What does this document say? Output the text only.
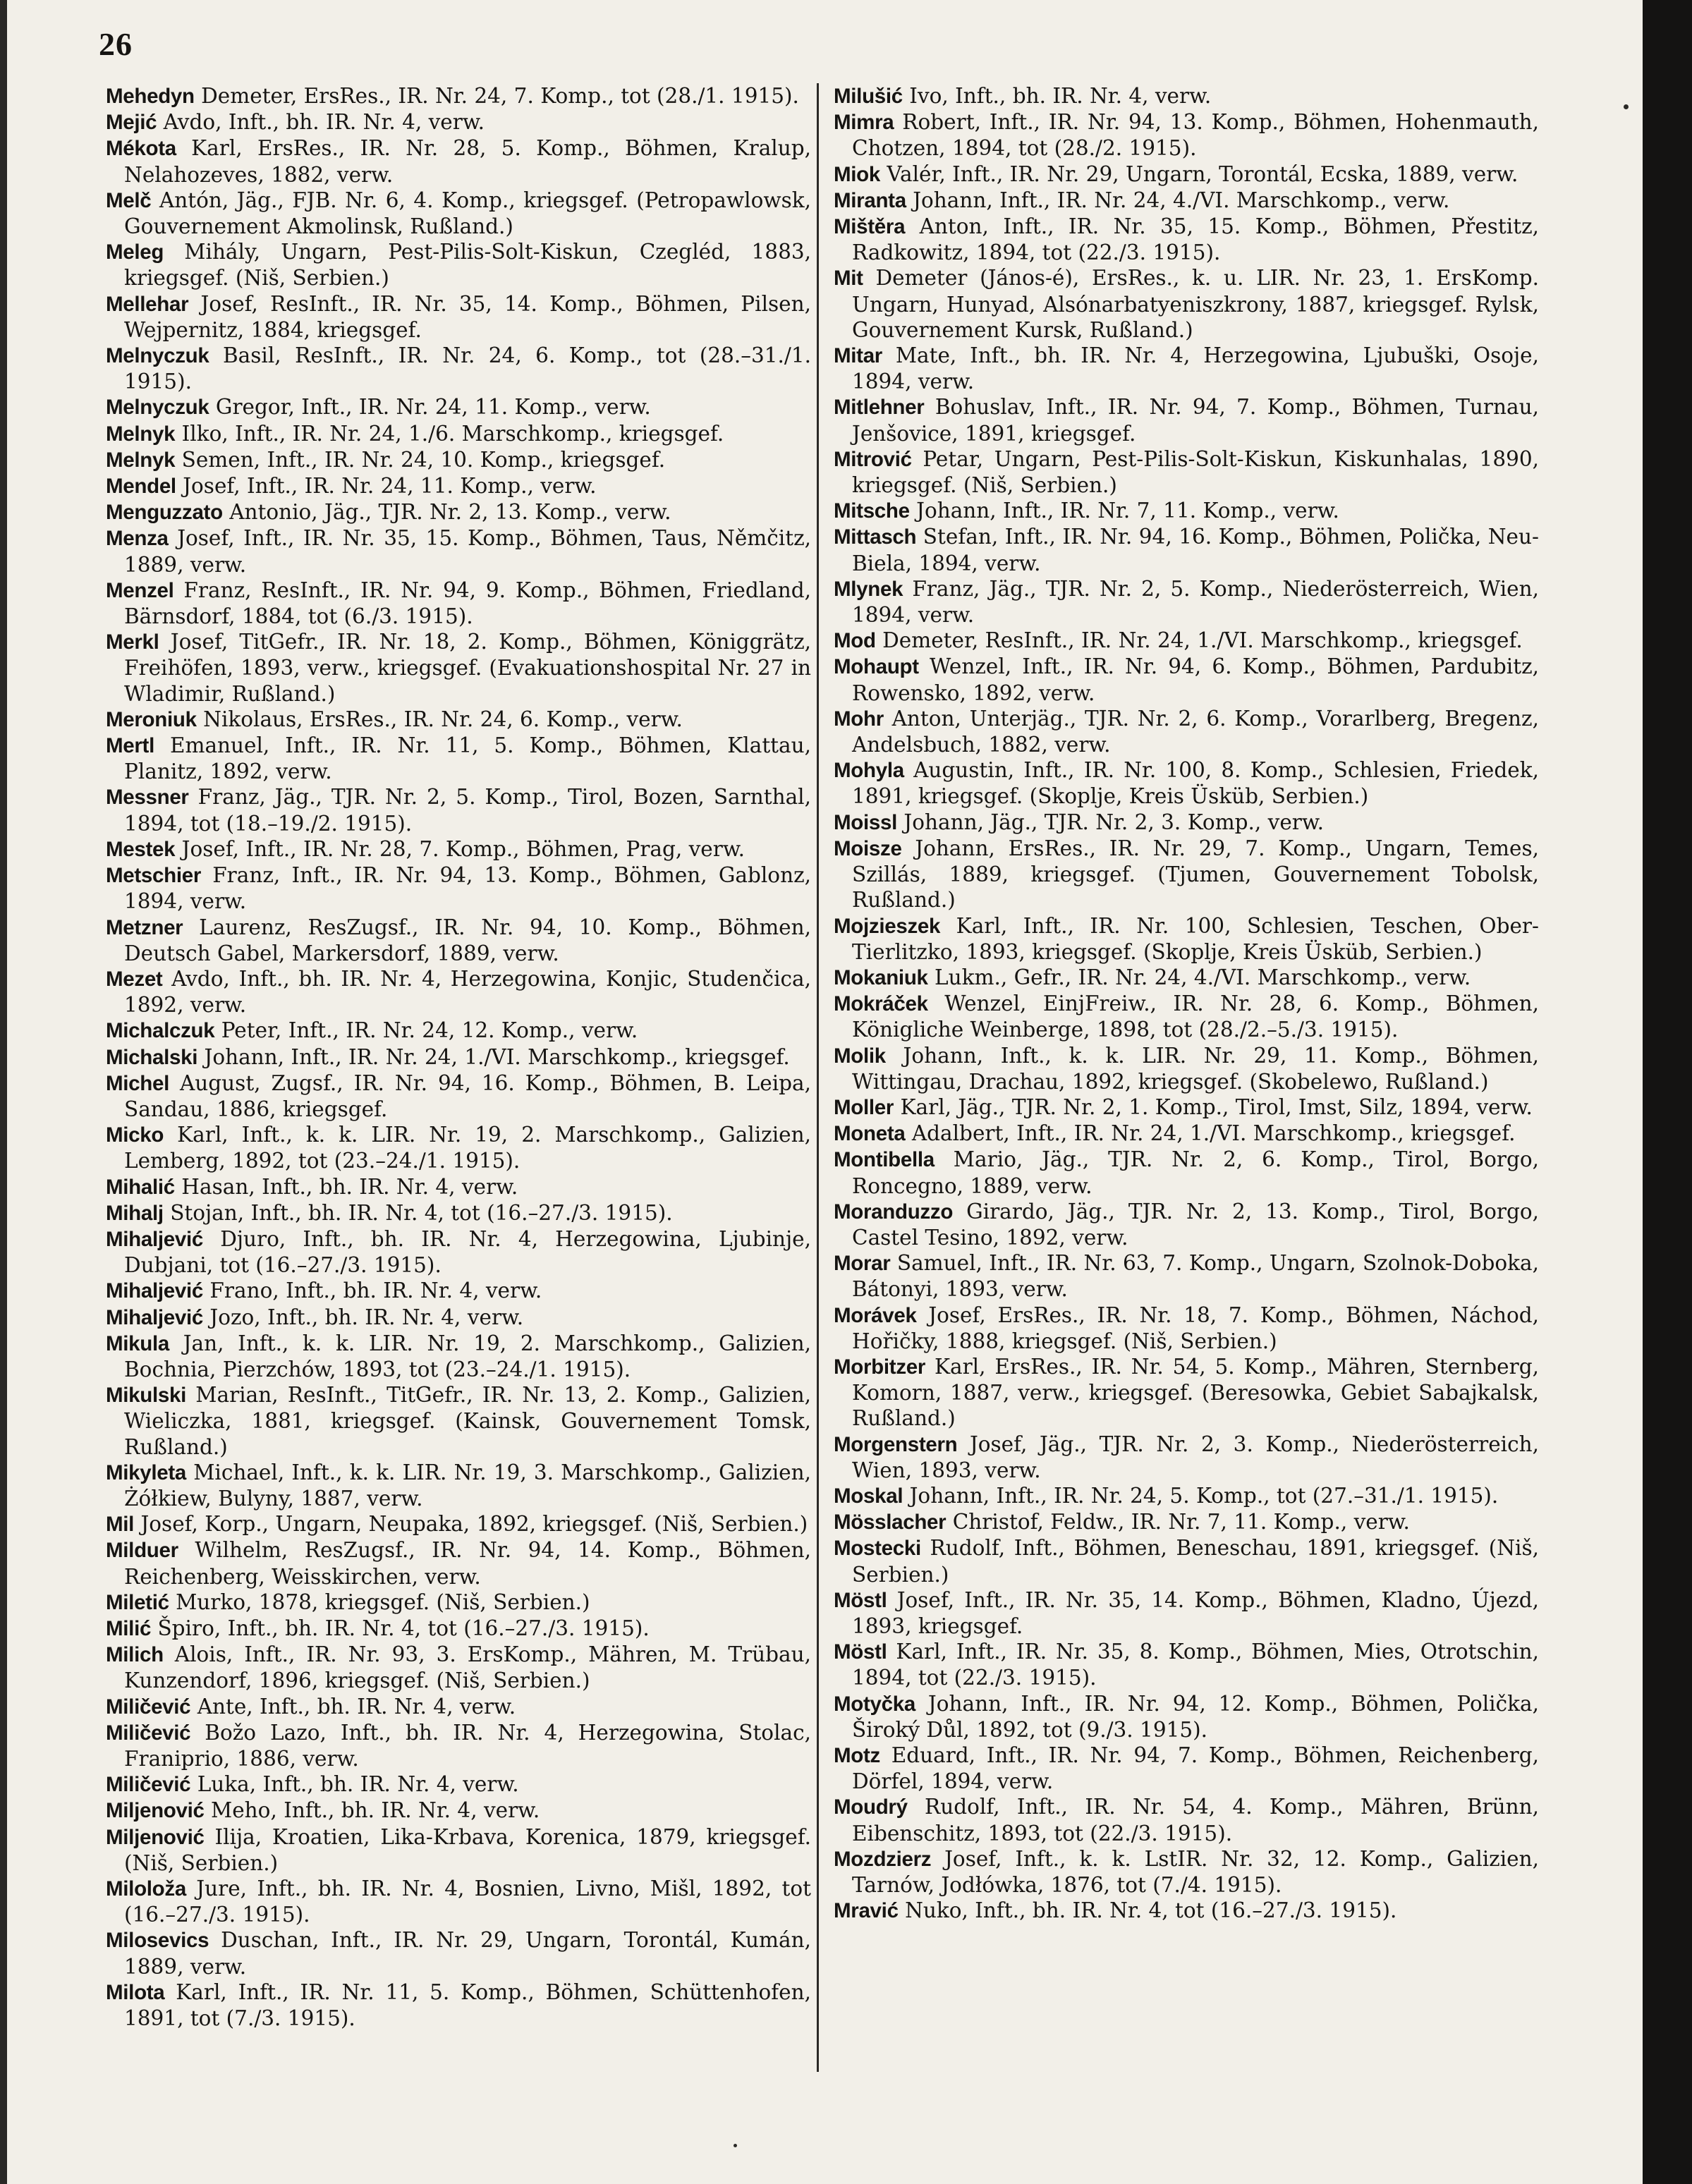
26

Mehedyn Demeter, ErsRes., IR. Nr. 24, 7. Komp., tot (28./1. 1915).

Mejić Avdo, Inft., bh. IR. Nr. 4, verw.

Mékota Karl, ErsRes., IR. Nr. 28, 5. Komp., Böhmen, Kralup, Nelahozeves, 1882, verw.

Melč Antón, Jäg., FJB. Nr. 6, 4. Komp., kriegsgef. (Petropawlowsk, Gouvernement Akmolinsk, Rußland.)

Meleg Mihály, Ungarn, Pest-Pilis-Solt-Kiskun, Czegléd, 1883, kriegsgef. (Niš, Serbien.)

Mellehar Josef, ResInft., IR. Nr. 35, 14. Komp., Böhmen, Pilsen, Wejpernitz, 1884, kriegsgef.

Melnyczuk Basil, ResInft., IR. Nr. 24, 6. Komp., tot (28.–31./1. 1915).

Melnyczuk Gregor, Inft., IR. Nr. 24, 11. Komp., verw.

Melnyk Ilko, Inft., IR. Nr. 24, 1./6. Marschkomp., kriegsgef.

Melnyk Semen, Inft., IR. Nr. 24, 10. Komp., kriegsgef.

Mendel Josef, Inft., IR. Nr. 24, 11. Komp., verw.

Menguzzato Antonio, Jäg., TJR. Nr. 2, 13. Komp., verw.

Menza Josef, Inft., IR. Nr. 35, 15. Komp., Böhmen, Taus, Němčitz, 1889, verw.

Menzel Franz, ResInft., IR. Nr. 94, 9. Komp., Böhmen, Friedland, Bärnsdorf, 1884, tot (6./3. 1915).

Merkl Josef, TitGefr., IR. Nr. 18, 2. Komp., Böhmen, Königgrätz, Freihöfen, 1893, verw., kriegsgef. (Evakuationshospital Nr. 27 in Wladimir, Rußland.)

Meroniuk Nikolaus, ErsRes., IR. Nr. 24, 6. Komp., verw.

Mertl Emanuel, Inft., IR. Nr. 11, 5. Komp., Böhmen, Klattau, Planitz, 1892, verw.

Messner Franz, Jäg., TJR. Nr. 2, 5. Komp., Tirol, Bozen, Sarnthal, 1894, tot (18.–19./2. 1915).

Mestek Josef, Inft., IR. Nr. 28, 7. Komp., Böhmen, Prag, verw.

Metschier Franz, Inft., IR. Nr. 94, 13. Komp., Böhmen, Gablonz, 1894, verw.

Metzner Laurenz, ResZugsf., IR. Nr. 94, 10. Komp., Böhmen, Deutsch Gabel, Markersdorf, 1889, verw.

Mezet Avdo, Inft., bh. IR. Nr. 4, Herzegowina, Konjic, Studenčica, 1892, verw.

Michalczuk Peter, Inft., IR. Nr. 24, 12. Komp., verw.

Michalski Johann, Inft., IR. Nr. 24, 1./VI. Marschkomp., kriegsgef.

Michel August, Zugsf., IR. Nr. 94, 16. Komp., Böhmen, B. Leipa, Sandau, 1886, kriegsgef.

Micko Karl, Inft., k. k. LIR. Nr. 19, 2. Marschkomp., Galizien, Lemberg, 1892, tot (23.–24./1. 1915).

Mihalić Hasan, Inft., bh. IR. Nr. 4, verw.

Mihalj Stojan, Inft., bh. IR. Nr. 4, tot (16.–27./3. 1915).

Mihaljević Djuro, Inft., bh. IR. Nr. 4, Herzegowina, Ljubinje, Dubjani, tot (16.–27./3. 1915).

Mihaljević Frano, Inft., bh. IR. Nr. 4, verw.

Mihaljević Jozo, Inft., bh. IR. Nr. 4, verw.

Mikula Jan, Inft., k. k. LIR. Nr. 19, 2. Marschkomp., Galizien, Bochnia, Pierzchów, 1893, tot (23.–24./1. 1915).

Mikulski Marian, ResInft., TitGefr., IR. Nr. 13, 2. Komp., Galizien, Wieliczka, 1881, kriegsgef. (Kainsk, Gouvernement Tomsk, Rußland.)

Mikyleta Michael, Inft., k. k. LIR. Nr. 19, 3. Marschkomp., Galizien, Żółkiew, Bulyny, 1887, verw.

Mil Josef, Korp., Ungarn, Neupaka, 1892, kriegsgef. (Niš, Serbien.)

Milduer Wilhelm, ResZugsf., IR. Nr. 94, 14. Komp., Böhmen, Reichenberg, Weisskirchen, verw.

Miletić Murko, 1878, kriegsgef. (Niš, Serbien.)

Milić Špiro, Inft., bh. IR. Nr. 4, tot (16.–27./3. 1915).

Milich Alois, Inft., IR. Nr. 93, 3. ErsKomp., Mähren, M. Trübau, Kunzendorf, 1896, kriegsgef. (Niš, Serbien.)

Miličević Ante, Inft., bh. IR. Nr. 4, verw.

Miličević Božo Lazo, Inft., bh. IR. Nr. 4, Herzegowina, Stolac, Franiprio, 1886, verw.

Miličević Luka, Inft., bh. IR. Nr. 4, verw.

Miljenović Meho, Inft., bh. IR. Nr. 4, verw.

Miljenović Ilija, Kroatien, Lika-Krbava, Korenica, 1879, kriegsgef. (Niš, Serbien.)

Miloloža Jure, Inft., bh. IR. Nr. 4, Bosnien, Livno, Mišl, 1892, tot (16.–27./3. 1915).

Milosevics Duschan, Inft., IR. Nr. 29, Ungarn, Torontál, Kumán, 1889, verw.

Milota Karl, Inft., IR. Nr. 11, 5. Komp., Böhmen, Schüttenhofen, 1891, tot (7./3. 1915).

Milušić Ivo, Inft., bh. IR. Nr. 4, verw.

Mimra Robert, Inft., IR. Nr. 94, 13. Komp., Böhmen, Hohenmauth, Chotzen, 1894, tot (28./2. 1915).

Miok Valér, Inft., IR. Nr. 29, Ungarn, Torontál, Ecska, 1889, verw.

Miranta Johann, Inft., IR. Nr. 24, 4./VI. Marschkomp., verw.

Mištěra Anton, Inft., IR. Nr. 35, 15. Komp., Böhmen, Přestitz, Radkowitz, 1894, tot (22./3. 1915).

Mit Demeter (János-é), ErsRes., k. u. LIR. Nr. 23, 1. ErsKomp. Ungarn, Hunyad, Alsónarbatyeniszkrony, 1887, kriegsgef. Rylsk, Gouvernement Kursk, Rußland.)

Mitar Mate, Inft., bh. IR. Nr. 4, Herzegowina, Ljubuški, Osoje, 1894, verw.

Mitlehner Bohuslav, Inft., IR. Nr. 94, 7. Komp., Böhmen, Turnau, Jenšovice, 1891, kriegsgef.

Mitrović Petar, Ungarn, Pest-Pilis-Solt-Kiskun, Kiskunhalas, 1890, kriegsgef. (Niš, Serbien.)

Mitsche Johann, Inft., IR. Nr. 7, 11. Komp., verw.

Mittasch Stefan, Inft., IR. Nr. 94, 16. Komp., Böhmen, Polička, Neu-Biela, 1894, verw.

Mlynek Franz, Jäg., TJR. Nr. 2, 5. Komp., Niederösterreich, Wien, 1894, verw.

Mod Demeter, ResInft., IR. Nr. 24, 1./VI. Marschkomp., kriegsgef.

Mohaupt Wenzel, Inft., IR. Nr. 94, 6. Komp., Böhmen, Pardubitz, Rowensko, 1892, verw.

Mohr Anton, Unterjäg., TJR. Nr. 2, 6. Komp., Vorarlberg, Bregenz, Andelsbuch, 1882, verw.

Mohyla Augustin, Inft., IR. Nr. 100, 8. Komp., Schlesien, Friedek, 1891, kriegsgef. (Skoplje, Kreis Üsküb, Serbien.)

Moissl Johann, Jäg., TJR. Nr. 2, 3. Komp., verw.

Moisze Johann, ErsRes., IR. Nr. 29, 7. Komp., Ungarn, Temes, Szillás, 1889, kriegsgef. (Tjumen, Gouvernement Tobolsk, Rußland.)

Mojzieszek Karl, Inft., IR. Nr. 100, Schlesien, Teschen, Ober-Tierlitzko, 1893, kriegsgef. (Skoplje, Kreis Üsküb, Serbien.)

Mokaniuk Lukm., Gefr., IR. Nr. 24, 4./VI. Marschkomp., verw.

Mokráček Wenzel, EinjFreiw., IR. Nr. 28, 6. Komp., Böhmen, Königliche Weinberge, 1898, tot (28./2.–5./3. 1915).

Molik Johann, Inft., k. k. LIR. Nr. 29, 11. Komp., Böhmen, Wittingau, Drachau, 1892, kriegsgef. (Skobelewo, Rußland.)

Moller Karl, Jäg., TJR. Nr. 2, 1. Komp., Tirol, Imst, Silz, 1894, verw.

Moneta Adalbert, Inft., IR. Nr. 24, 1./VI. Marschkomp., kriegsgef.

Montibella Mario, Jäg., TJR. Nr. 2, 6. Komp., Tirol, Borgo, Roncegno, 1889, verw.

Moranduzzo Girardo, Jäg., TJR. Nr. 2, 13. Komp., Tirol, Borgo, Castel Tesino, 1892, verw.

Morar Samuel, Inft., IR. Nr. 63, 7. Komp., Ungarn, Szolnok-Doboka, Bátonyi, 1893, verw.

Morávek Josef, ErsRes., IR. Nr. 18, 7. Komp., Böhmen, Náchod, Hořičky, 1888, kriegsgef. (Niš, Serbien.)

Morbitzer Karl, ErsRes., IR. Nr. 54, 5. Komp., Mähren, Sternberg, Komorn, 1887, verw., kriegsgef. (Beresowka, Gebiet Sabajkalsk, Rußland.)

Morgenstern Josef, Jäg., TJR. Nr. 2, 3. Komp., Niederösterreich, Wien, 1893, verw.

Moskal Johann, Inft., IR. Nr. 24, 5. Komp., tot (27.–31./1. 1915).

Mösslacher Christof, Feldw., IR. Nr. 7, 11. Komp., verw.

Mostecki Rudolf, Inft., Böhmen, Beneschau, 1891, kriegsgef. (Niš, Serbien.)

Möstl Josef, Inft., IR. Nr. 35, 14. Komp., Böhmen, Kladno, Újezd, 1893, kriegsgef.

Möstl Karl, Inft., IR. Nr. 35, 8. Komp., Böhmen, Mies, Otrotschin, 1894, tot (22./3. 1915).

Motyčka Johann, Inft., IR. Nr. 94, 12. Komp., Böhmen, Polička, Široký Důl, 1892, tot (9./3. 1915).

Motz Eduard, Inft., IR. Nr. 94, 7. Komp., Böhmen, Reichenberg, Dörfel, 1894, verw.

Moudrý Rudolf, Inft., IR. Nr. 54, 4. Komp., Mähren, Brünn, Eibenschitz, 1893, tot (22./3. 1915).

Mozdzierz Josef, Inft., k. k. LstIR. Nr. 32, 12. Komp., Galizien, Tarnów, Jodłówka, 1876, tot (7./4. 1915).

Mravić Nuko, Inft., bh. IR. Nr. 4, tot (16.–27./3. 1915).
